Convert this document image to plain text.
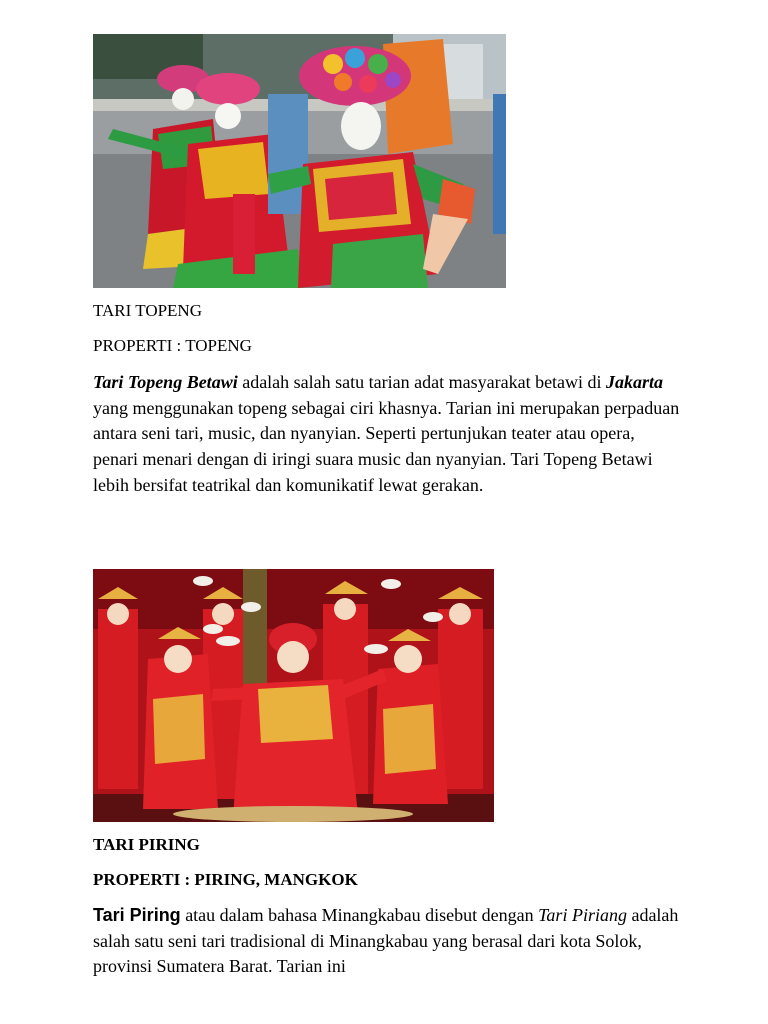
TARI TOPENG
PROPERTI : TOPENG
Tari Topeng Betawi adalah salah satu tarian adat masyarakat betawi di Jakarta yang menggunakan topeng sebagai ciri khasnya. Tarian ini merupakan perpaduan antara seni tari, music, dan nyanyian. Seperti pertunjukan teater atau opera, penari menari dengan di iringi suara music dan nyanyian. Tari Topeng Betawi lebih bersifat teatrikal dan komunikatif lewat gerakan.
TARI PIRING
PROPERTI : PIRING, MANGKOK
Tari Piring atau dalam bahasa Minangkabau disebut dengan Tari Piriang adalah salah satu seni tari tradisional di Minangkabau yang berasal dari kota Solok, provinsi Sumatera Barat. Tarian ini
